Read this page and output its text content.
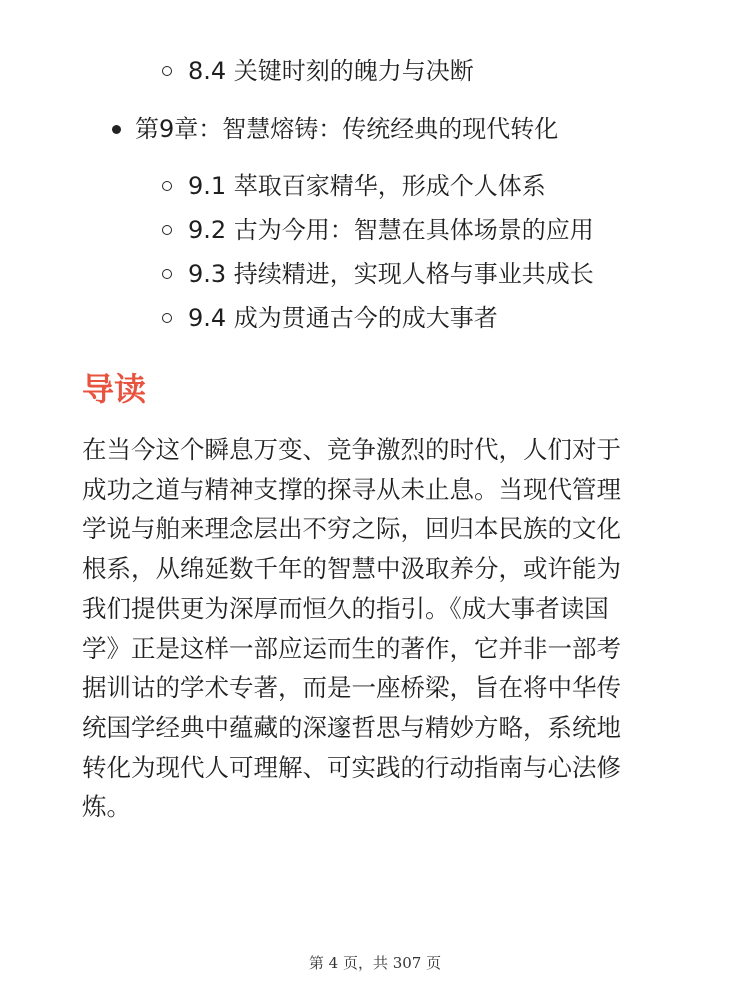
8.4 关键时刻的魄力与决断
第9章：智慧熔铸：传统经典的现代转化
9.1 萃取百家精华，形成个人体系
9.2 古为今用：智慧在具体场景的应用
9.3 持续精进，实现人格与事业共成长
9.4 成为贯通古今的成大事者
导读

在当今这个瞬息万变、竞争激烈的时代，人们对于
成功之道与精神支撑的探寻从未止息。当现代管理
学说与舶来理念层出不穷之际，回归本民族的文化
根系，从绵延数千年的智慧中汲取养分，或许能为
我们提供更为深厚而恒久的指引。《成大事者读国
学》正是这样一部应运而生的著作，它并非一部考
据训诂的学术专著，而是一座桥梁，旨在将中华传
统国学经典中蕴藏的深邃哲思与精妙方略，系统地
转化为现代人可理解、可实践的行动指南与心法修
炼。

第 4 页，共 307 页
